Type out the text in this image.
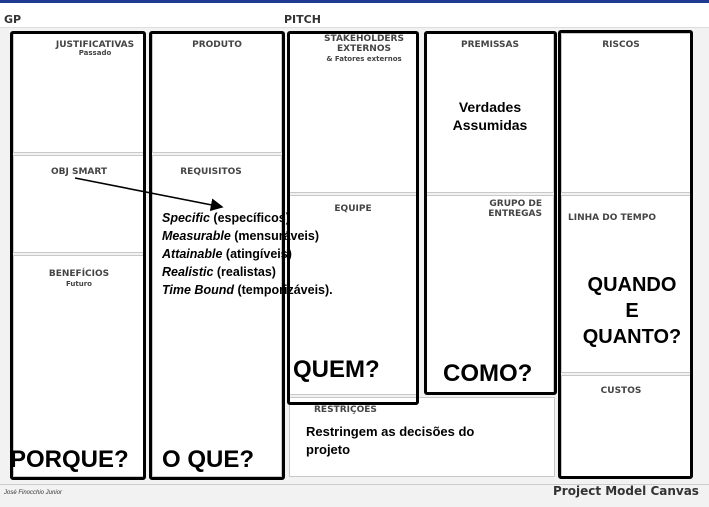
GP	PITCH
JUSTIFICATIVAS
Passado
OBJ SMART
BENEFÍCIOS
Futuro
PRODUTO
REQUISITOS
STAKEHOLDERS
EXTERNOS
& Fatores externos
EQUIPE
PREMISSAS
GRUPO DE
ENTREGAS
RESTRIÇÕES
RISCOS
LINHA DO TEMPO
CUSTOS
Verdades
Assumidas
Restringem as decisões do
projeto
Specific (específicos)
Measurable (mensuráveis)
Attainable (atingíveis)
Realistic (realistas)
Time Bound (temporizáveis).
PORQUE? O QUE?
QUEM?	COMO?
QUANDO
E
QUANTO?
José Finocchio Junior	Project Model Canvas
